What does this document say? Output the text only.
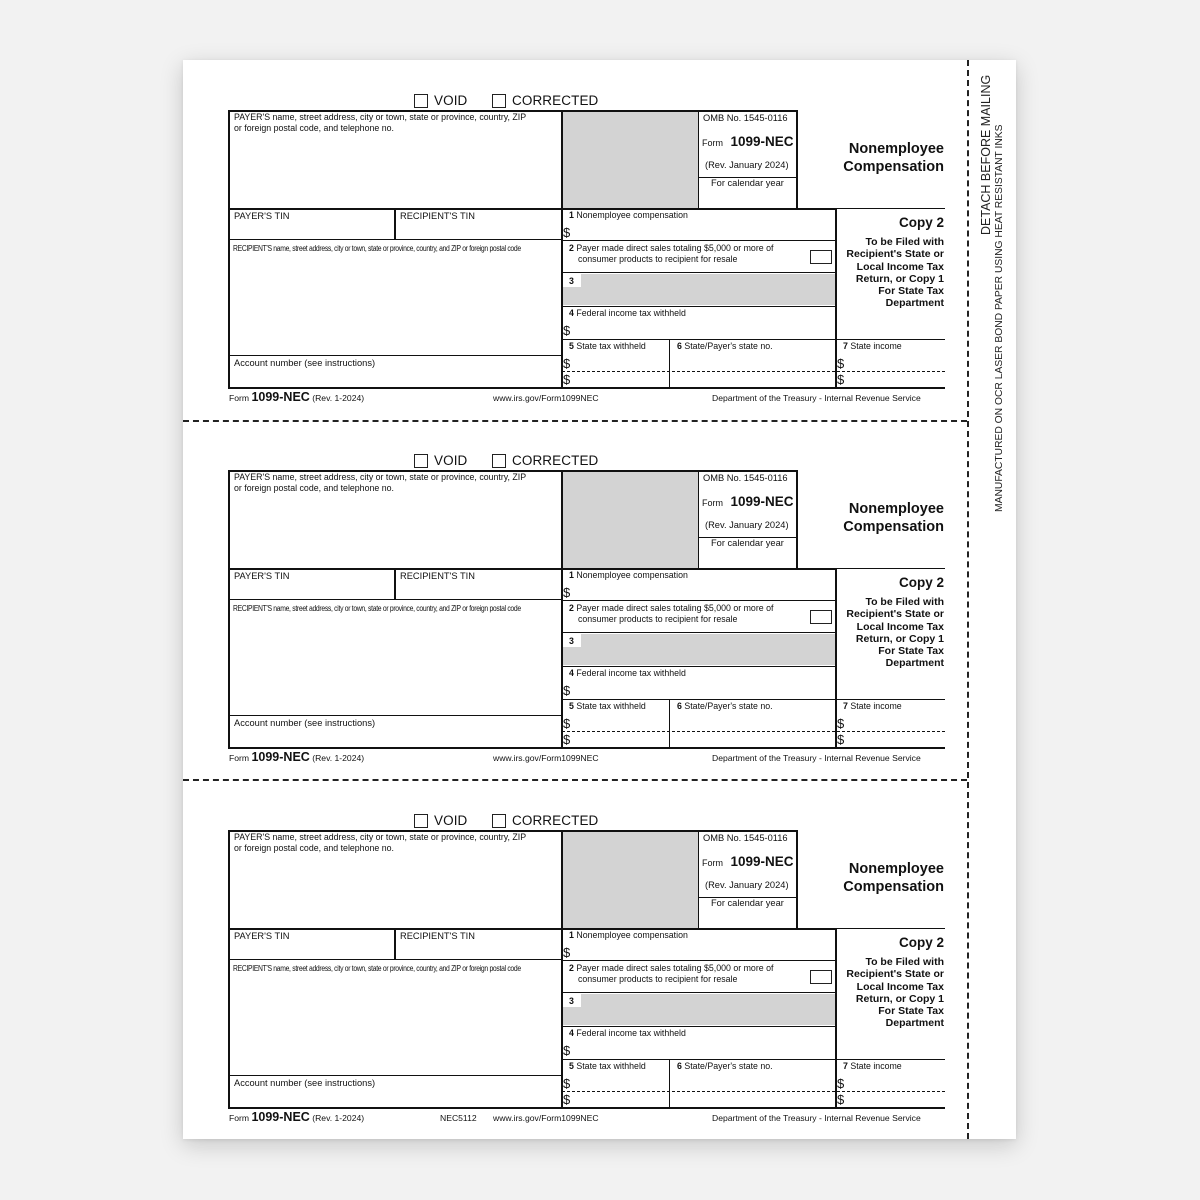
DETACH BEFORE MAILING MANUFACTURED ON OCR LASER BOND PAPER USING HEAT RESISTANT INKS
VOID	CORRECTED
PAYER'S name, street address, city or town, state or province, country, ZIP
or foreign postal code, and telephone no.
OMB No. 1545-0116
Form 1099-NEC
(Rev. January 2024)
For calendar year
Nonemployee
Compensation
PAYER'S TIN	RECIPIENT'S TIN
RECIPIENT'S name, street address, city or town, state or province, country, and ZIP or foreign postal code
Account number (see instructions)
1 Nonemployee compensation
$
2 Payer made direct sales totaling $5,000 or more of
consumer products to recipient for resale
3
4 Federal income tax withheld
$
5 State tax withheld
$
$
6 State/Payer's state no.	7 State income
$
$
Copy 2
To be Filed with
Recipient's State or
Local Income Tax
Return, or Copy 1
For State Tax
Department
Form 1099-NEC (Rev. 1-2024)	www.irs.gov/Form1099NEC	Department of the Treasury - Internal Revenue Service
VOID	CORRECTED
PAYER'S name, street address, city or town, state or province, country, ZIP
or foreign postal code, and telephone no.
OMB No. 1545-0116
Form 1099-NEC
(Rev. January 2024)
For calendar year
Nonemployee
Compensation
PAYER'S TIN	RECIPIENT'S TIN
RECIPIENT'S name, street address, city or town, state or province, country, and ZIP or foreign postal code
Account number (see instructions)
1 Nonemployee compensation
$
2 Payer made direct sales totaling $5,000 or more of
consumer products to recipient for resale
3
4 Federal income tax withheld
$
5 State tax withheld
$
$
6 State/Payer's state no.	7 State income
$
$
Copy 2
To be Filed with
Recipient's State or
Local Income Tax
Return, or Copy 1
For State Tax
Department
Form 1099-NEC (Rev. 1-2024)	www.irs.gov/Form1099NEC	Department of the Treasury - Internal Revenue Service
VOID	CORRECTED
PAYER'S name, street address, city or town, state or province, country, ZIP
or foreign postal code, and telephone no.
OMB No. 1545-0116
Form 1099-NEC
(Rev. January 2024)
For calendar year
Nonemployee
Compensation
PAYER'S TIN	RECIPIENT'S TIN
RECIPIENT'S name, street address, city or town, state or province, country, and ZIP or foreign postal code
Account number (see instructions)
1 Nonemployee compensation
$
2 Payer made direct sales totaling $5,000 or more of
consumer products to recipient for resale
3
4 Federal income tax withheld
$
5 State tax withheld
$
$
6 State/Payer's state no.	7 State income
$
$
Copy 2
To be Filed with
Recipient's State or
Local Income Tax
Return, or Copy 1
For State Tax
Department
Form 1099-NEC (Rev. 1-2024)	NEC5112 www.irs.gov/Form1099NEC	Department of the Treasury - Internal Revenue Service
